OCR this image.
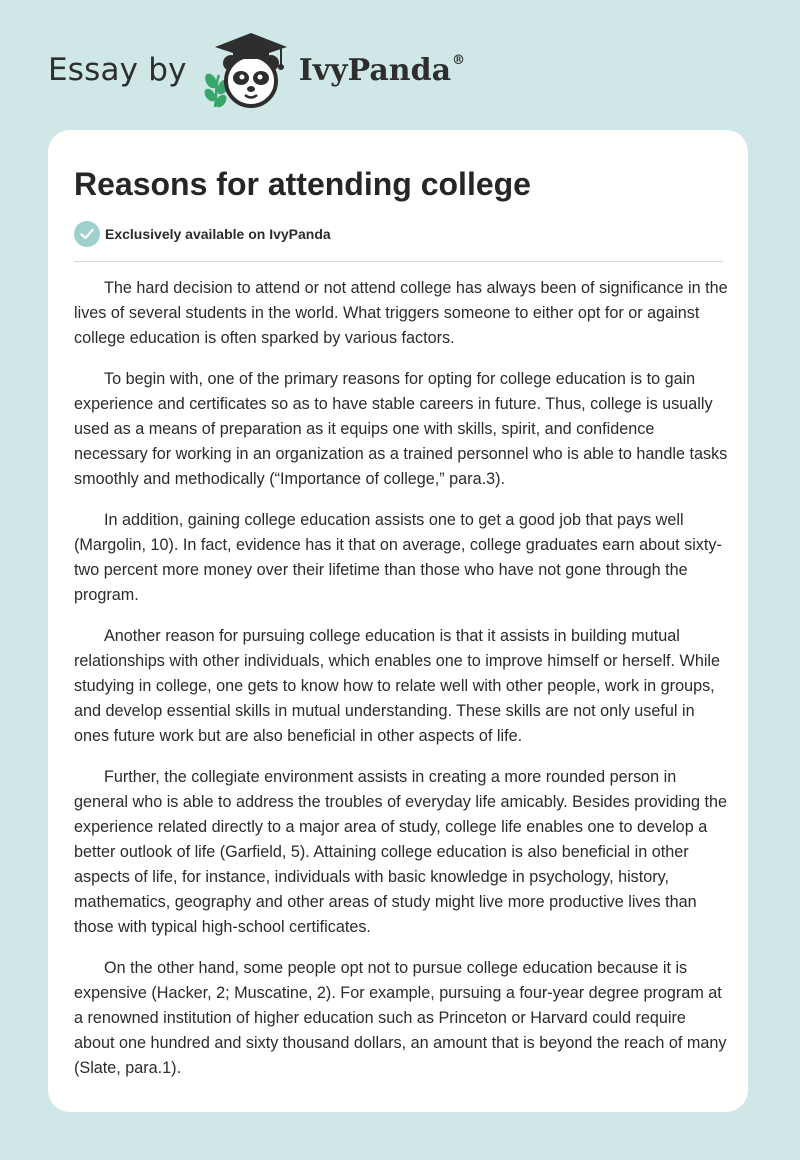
Essay by	IvyPanda®
Reasons for attending college
Exclusively available on IvyPanda

The hard decision to attend or not attend college has always been of significance in the lives of several students in the world. What triggers someone to either opt for or against college education is often sparked by various factors.

To begin with, one of the primary reasons for opting for college education is to gain experience and certificates so as to have stable careers in future. Thus, college is usually used as a means of preparation as it equips one with skills, spirit, and confidence necessary for working in an organization as a trained personnel who is able to handle tasks smoothly and methodically (“Importance of college,” para.3).

In addition, gaining college education assists one to get a good job that pays well (Margolin, 10). In fact, evidence has it that on average, college graduates earn about sixty-two percent more money over their lifetime than those who have not gone through the program.

Another reason for pursuing college education is that it assists in building mutual relationships with other individuals, which enables one to improve himself or herself. While studying in college, one gets to know how to relate well with other people, work in groups, and develop essential skills in mutual understanding. These skills are not only useful in ones future work but are also beneficial in other aspects of life.

Further, the collegiate environment assists in creating a more rounded person in general who is able to address the troubles of everyday life amicably. Besides providing the experience related directly to a major area of study, college life enables one to develop a better outlook of life (Garfield, 5). Attaining college education is also beneficial in other aspects of life, for instance, individuals with basic knowledge in psychology, history, mathematics, geography and other areas of study might live more productive lives than those with typical high-school certificates.

On the other hand, some people opt not to pursue college education because it is expensive (Hacker, 2; Muscatine, 2). For example, pursuing a four-year degree program at a renowned institution of higher education such as Princeton or Harvard could require about one hundred and sixty thousand dollars, an amount that is beyond the reach of many (Slate, para.1).
